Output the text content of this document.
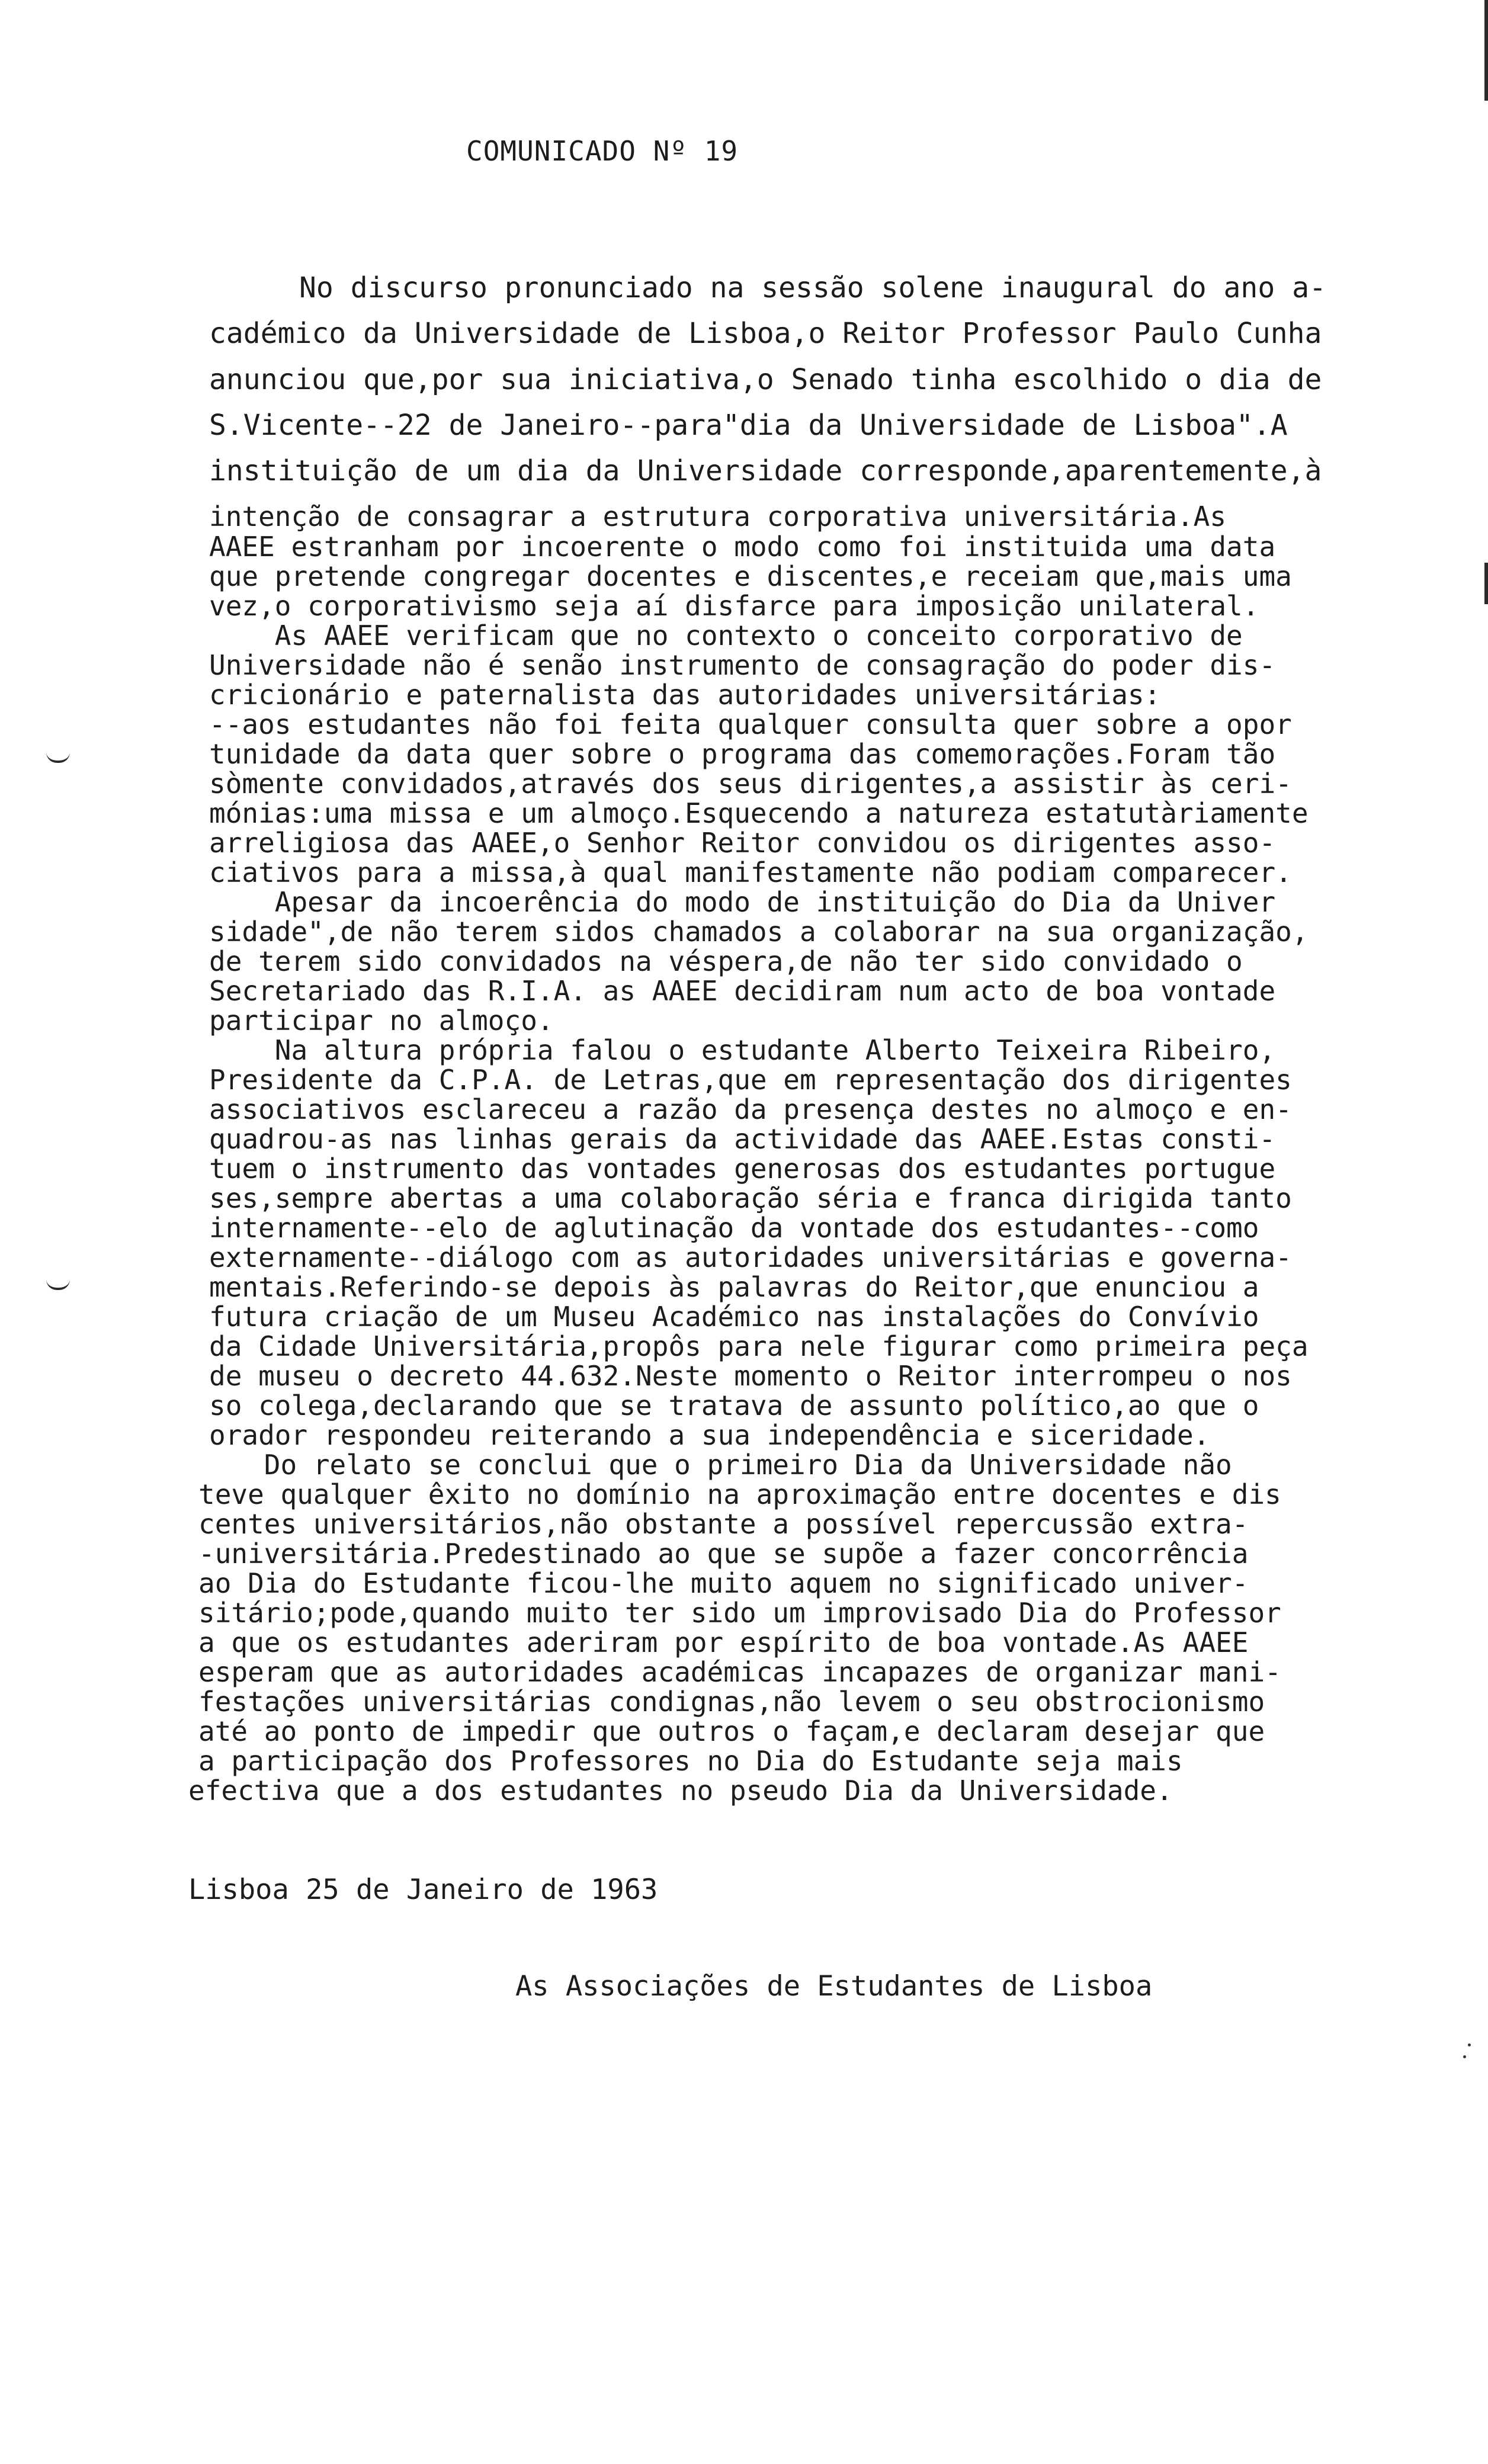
COMUNICADO Nº 19
No discurso pronunciado na sessão solene inaugural do ano a-
cadémico da Universidade de Lisboa,o Reitor Professor Paulo Cunha
anunciou que,por sua iniciativa,o Senado tinha escolhido o dia de
S.Vicente--22 de Janeiro--para"dia da Universidade de Lisboa".A
instituição de um dia da Universidade corresponde,aparentemente,à
intenção de consagrar a estrutura corporativa universitária.As
AAEE estranham por incoerente o modo como foi instituida uma data
que pretende congregar docentes e discentes,e receiam que,mais uma
vez,o corporativismo seja aí disfarce para imposição unilateral.
As AAEE verificam que no contexto o conceito corporativo de
Universidade não é senão instrumento de consagração do poder dis-
cricionário e paternalista das autoridades universitárias:
--aos estudantes não foi feita qualquer consulta quer sobre a opor
tunidade da data quer sobre o programa das comemorações.Foram tão
sòmente convidados,através dos seus dirigentes,a assistir às ceri-
mónias:uma missa e um almoço.Esquecendo a natureza estatutàriamente
arreligiosa das AAEE,o Senhor Reitor convidou os dirigentes asso-
ciativos para a missa,à qual manifestamente não podiam comparecer.
Apesar da incoerência do modo de instituição do Dia da Univer
sidade",de não terem sidos chamados a colaborar na sua organização,
de terem sido convidados na véspera,de não ter sido convidado o
Secretariado das R.I.A. as AAEE decidiram num acto de boa vontade
participar no almoço.
Na altura própria falou o estudante Alberto Teixeira Ribeiro,
Presidente da C.P.A. de Letras,que em representação dos dirigentes
associativos esclareceu a razão da presença destes no almoço e en-
quadrou-as nas linhas gerais da actividade das AAEE.Estas consti-
tuem o instrumento das vontades generosas dos estudantes portugue
ses,sempre abertas a uma colaboração séria e franca dirigida tanto
internamente--elo de aglutinação da vontade dos estudantes--como
externamente--diálogo com as autoridades universitárias e governa-
mentais.Referindo-se depois às palavras do Reitor,que enunciou a
futura criação de um Museu Académico nas instalações do Convívio
da Cidade Universitária,propôs para nele figurar como primeira peça
de museu o decreto 44.632.Neste momento o Reitor interrompeu o nos
so colega,declarando que se tratava de assunto político,ao que o
orador respondeu reiterando a sua independência e siceridade.
Do relato se conclui que o primeiro Dia da Universidade não
teve qualquer êxito no domínio na aproximação entre docentes e dis
centes universitários,não obstante a possível repercussão extra-
-universitária.Predestinado ao que se supõe a fazer concorrência
ao Dia do Estudante ficou-lhe muito aquem no significado univer-
sitário;pode,quando muito ter sido um improvisado Dia do Professor
a que os estudantes aderiram por espírito de boa vontade.As AAEE
esperam que as autoridades académicas incapazes de organizar mani-
festações universitárias condignas,não levem o seu obstrocionismo
até ao ponto de impedir que outros o façam,e declaram desejar que
a participação dos Professores no Dia do Estudante seja mais
efectiva que a dos estudantes no pseudo Dia da Universidade.
Lisboa 25 de Janeiro de 1963
As Associações de Estudantes de Lisboa
